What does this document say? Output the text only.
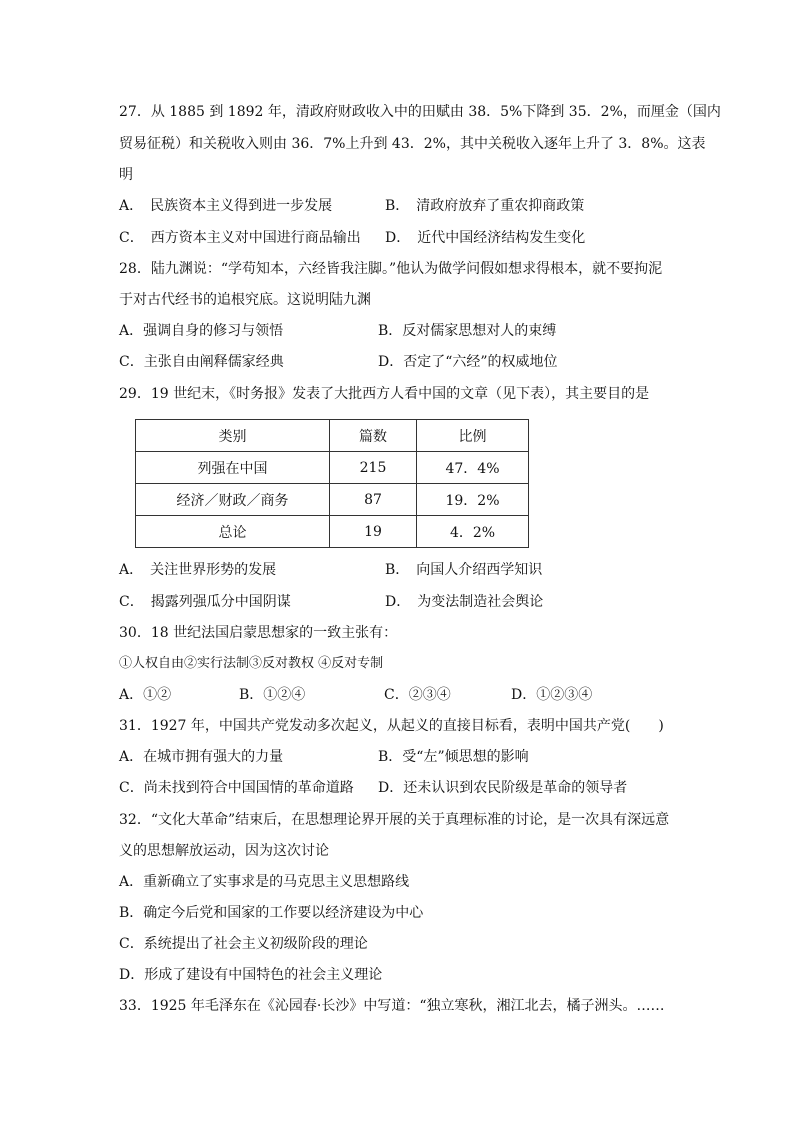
27．从 1885 到 1892 年，清政府财政收入中的田赋由 38．5%下降到 35．2%，而厘金（国内
贸易征税）和关税收入则由 36．7%上升到 43．2%，其中关税收入逐年上升了 3．8%。这表
明
A．　民族资本主义得到进一步发展	B．　清政府放弃了重农抑商政策
C．　西方资本主义对中国进行商品输出 D．　近代中国经济结构发生变化
28．陆九渊说：“学苟知本，六经皆我注脚。”他认为做学问假如想求得根本，就不要拘泥
于对古代经书的追根究底。这说明陆九渊
A．强调自身的修习与领悟	B．反对儒家思想对人的束缚
C．主张自由阐释儒家经典	D．否定了“六经”的权威地位
29．19 世纪末，《时务报》发表了大批西方人看中国的文章（见下表），其主要目的是
类别	篇数	比例
列强在中国	215	47．4%
经济／财政／商务	87	19．2%
总论	19	4．2%
A．　关注世界形势的发展	B．　向国人介绍西学知识
C．　揭露列强瓜分中国阴谋	D．　为变法制造社会舆论
30．18 世纪法国启蒙思想家的一致主张有：
①人权自由②实行法制③反对教权 ④反对专制
A．①②	B．①②④	C．②③④	D．①②③④
31．1927 年，中国共产党发动多次起义，从起义的直接目标看，表明中国共产党(　　)
A．在城市拥有强大的力量	B．受“左”倾思想的影响
C．尚未找到符合中国国情的革命道路 D．还未认识到农民阶级是革命的领导者
32．“文化大革命”结束后，在思想理论界开展的关于真理标准的讨论，是一次具有深远意
义的思想解放运动，因为这次讨论
A．重新确立了实事求是的马克思主义思想路线
B．确定今后党和国家的工作要以经济建设为中心
C．系统提出了社会主义初级阶段的理论
D．形成了建设有中国特色的社会主义理论
33．1925 年毛泽东在《沁园春·长沙》中写道：“独立寒秋，湘江北去，橘子洲头。……
